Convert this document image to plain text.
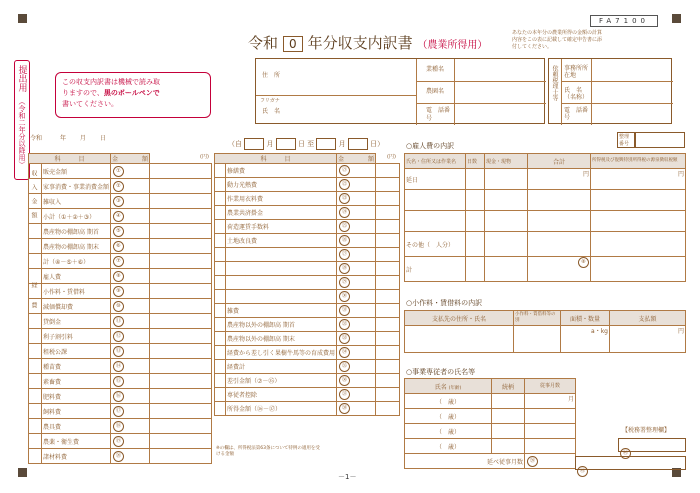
FA7100
令和 0 年分収支内訳書 （農業所得用）
あなたの本年分の農業所得の金額の計算内容をこの表に記載して確定申告書に添付してください。
提出用
（令和二年分以降用）
この収支内訳書は機械で読み取
りますので、黒のボールペンで
書いてください。
住　所
フリガナ
氏　名
業種名
農園名
電　話番　号
依頼税理士等 事務所所在地
氏　名（名称）
電　話番　号
整理番号
令和	年 月 日
（自	月	日 至	月	日）
科　　　目		金　　　　額	
	販売金額	①	
	家事消費・事業消費金額	②	
	雑収入	③	
	小計（①＋②＋③）	④	
	農産物の棚卸高 期首	⑤	
	農産物の棚卸高 期末	⑥	
	計（④－⑤＋⑥）	⑦	
	雇人費	⑧	
	小作料・賃借料	⑨	
	減価償却費	⑩	
	貸倒金	⑪	
	利子割引料	⑫	
	租税公課	⑬	
	種苗費	⑭	
	素畜費	⑮	
	肥料費	⑯	
	飼料費	⑰	
	農具費	⑱	
	農薬・衛生費	⑲	
	諸材料費	⑳	
(円)
収入金額
経費
科　　　目		金　　　　額	
	修繕費	㉑	
	動力光熱費	㉒	
	作業用衣料費	㉓	
	農業共済掛金	㉔	
	荷造運賃手数料	㉕	
	土地改良費	㉖	
		㉗	
		㉘	
		㉙	
		㉚	
	雑費	㉛	
	農産物以外の棚卸高 期首	㉜	
	農産物以外の棚卸高 期末	㉝	
	経費から差し引く果樹牛馬等の育成費用	㉞	
	経費計	㉟	
	差引金額（⑦－㉟）	㊱	
	専従者控除	㊲	
	所得金額（㊱－㊲）	㊳	
(円)
※の欄は、所得税法第63条について特例の適用を受ける金額
○雇人費の内訳
氏名・住所又は作業名	日数	現金・現物	合計	所得税及び復興特別所得税の源泉徴収税額
延日			円	円

その他（　人分）				
計			⑧	
○小作料・賃借料の内訳
支払先の住所・氏名	小作料・賃借料等の別	面積・数量	支払額
		a・kg	円
○事業専従者の氏名等
氏名 (年齢)	続柄	従事月数
（　歳）		月
（　歳）		
（　歳）		
（　歳）		
延べ従事月数		㊴
【税務署整理欄】
㊵
㊶
－1－
